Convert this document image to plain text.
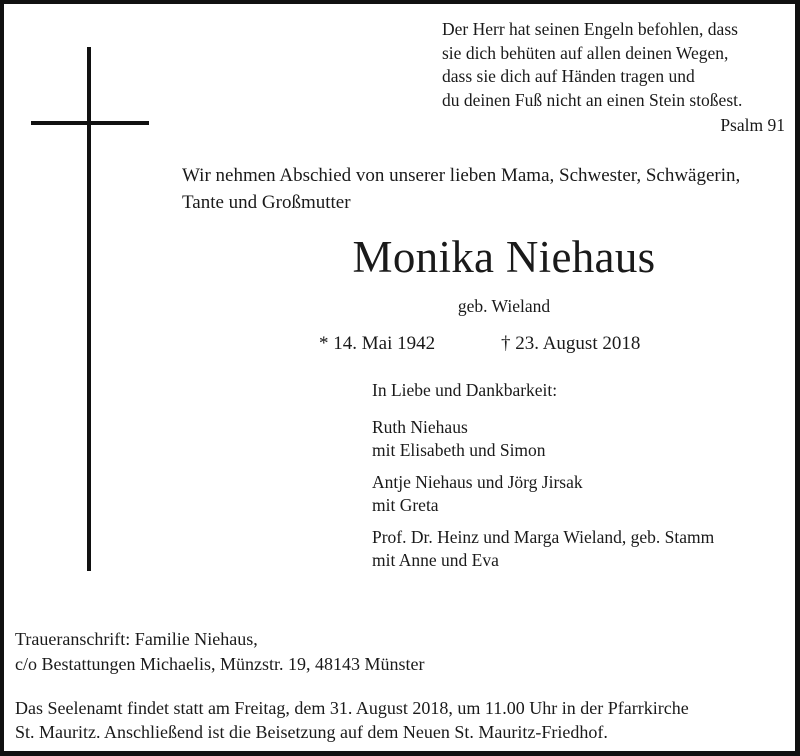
Der Herr hat seinen Engeln befohlen, dass
sie dich behüten auf allen deinen Wegen,
dass sie dich auf Händen tragen und
du deinen Fuß nicht an einen Stein stoßest.
Psalm 91
Wir nehmen Abschied von unserer lieben Mama, Schwester, Schwägerin,
Tante und Großmutter
Monika Niehaus
geb. Wieland
* 14. Mai 1942	† 23. August 2018
In Liebe und Dankbarkeit:
Ruth Niehaus
mit Elisabeth und Simon
Antje Niehaus und Jörg Jirsak
mit Greta
Prof. Dr. Heinz und Marga Wieland, geb. Stamm
mit Anne und Eva
Traueranschrift: Familie Niehaus,
c/o Bestattungen Michaelis, Münzstr. 19, 48143 Münster
Das Seelenamt findet statt am Freitag, dem 31. August 2018, um 11.00 Uhr in der Pfarrkirche
St. Mauritz. Anschließend ist die Beisetzung auf dem Neuen St. Mauritz-Friedhof.
